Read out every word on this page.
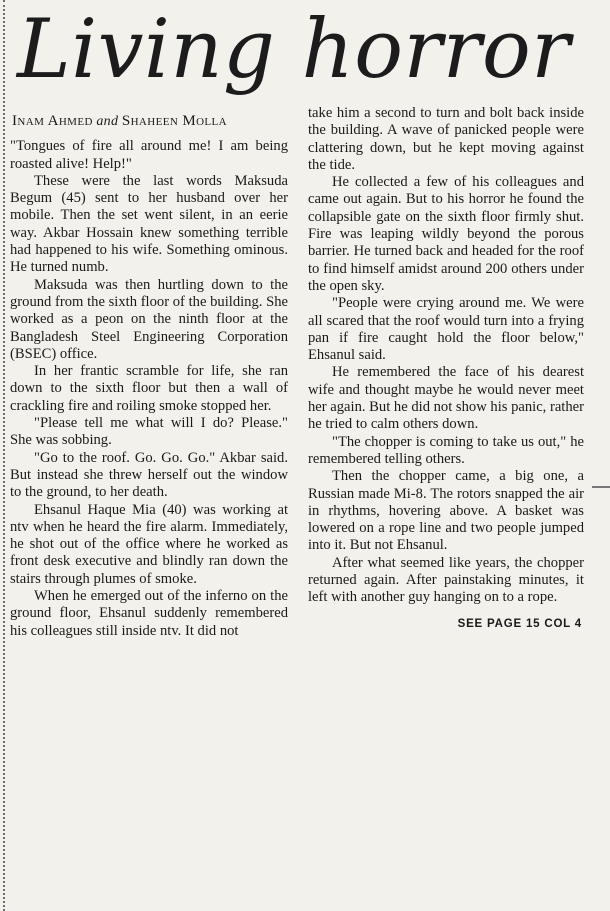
Living horror
Inam Ahmed and Shaheen Molla

"Tongues of fire all around me! I am being roasted alive! Help!"

These were the last words Maksuda Begum (45) sent to her husband over her mobile. Then the set went silent, in an eerie way. Akbar Hossain knew something terrible had happened to his wife. Something ominous. He turned numb.

Maksuda was then hurtling down to the ground from the sixth floor of the building. She worked as a peon on the ninth floor at the Bangladesh Steel Engineering Corporation (BSEC) office.

In her frantic scramble for life, she ran down to the sixth floor but then a wall of crackling fire and roiling smoke stopped her.

"Please tell me what will I do? Please." She was sobbing.

"Go to the roof. Go. Go. Go." Akbar said. But instead she threw herself out the window to the ground, to her death.

Ehsanul Haque Mia (40) was working at ntv when he heard the fire alarm. Immediately, he shot out of the office where he worked as front desk executive and blindly ran down the stairs through plumes of smoke.

When he emerged out of the inferno on the ground floor, Ehsanul suddenly remembered his colleagues still inside ntv. It did not

take him a second to turn and bolt back inside the building. A wave of panicked people were clattering down, but he kept moving against the tide.

He collected a few of his colleagues and came out again. But to his horror he found the collapsible gate on the sixth floor firmly shut. Fire was leaping wildly beyond the porous barrier. He turned back and headed for the roof to find himself amidst around 200 others under the open sky.

"People were crying around me. We were all scared that the roof would turn into a frying pan if fire caught hold the floor below," Ehsanul said.

He remembered the face of his dearest wife and thought maybe he would never meet her again. But he did not show his panic, rather he tried to calm others down.

"The chopper is coming to take us out," he remembered telling others.

Then the chopper came, a big one, a Russian made Mi-8. The rotors snapped the air in rhythms, hovering above. A basket was lowered on a rope line and two people jumped into it. But not Ehsanul.

After what seemed like years, the chopper returned again. After painstaking minutes, it left with another guy hanging on to a rope.

SEE PAGE 15 COL 4
